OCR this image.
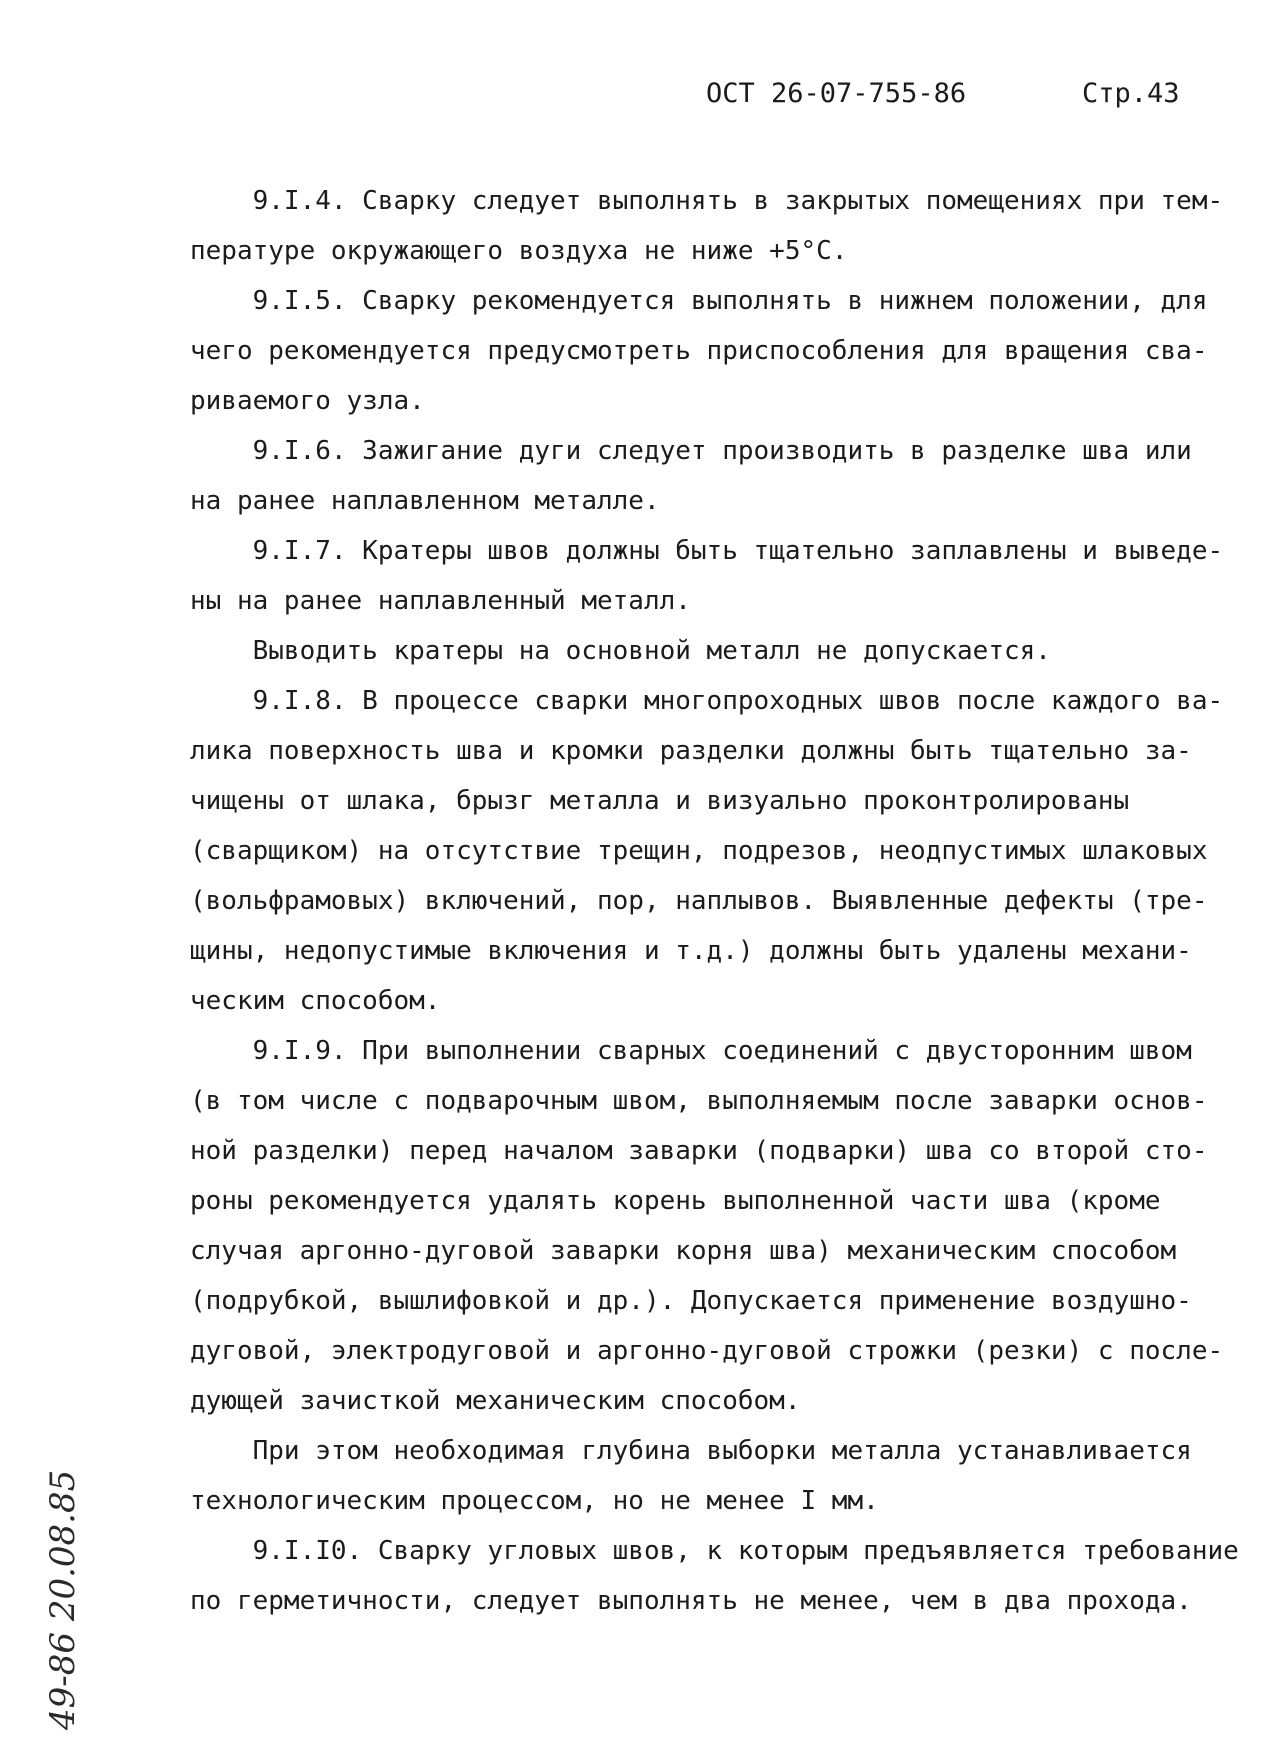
ОСТ 26-07-755-86	Стр.43

9.I.4. Сварку следует выполнять в закрытых помещениях при тем-

пературе окружающего воздуха не ниже +5°С.

9.I.5. Сварку рекомендуется выполнять в нижнем положении, для

чего рекомендуется предусмотреть приспособления для вращения сва-

риваемого узла.

9.I.6. Зажигание дуги следует производить в разделке шва или

на ранее наплавленном металле.

9.I.7. Кратеры швов должны быть тщательно заплавлены и выведе-

ны на ранее наплавленный металл.

Выводить кратеры на основной металл не допускается.

9.I.8. В процессе сварки многопроходных швов после каждого ва-

лика поверхность шва и кромки разделки должны быть тщательно за-

чищены от шлака, брызг металла и визуально проконтролированы

(сварщиком) на отсутствие трещин, подрезов, неодпустимых шлаковых

(вольфрамовых) включений, пор, наплывов. Выявленные дефекты (тре-

щины, недопустимые включения и т.д.) должны быть удалены механи-

ческим способом.

9.I.9. При выполнении сварных соединений с двусторонним швом

(в том числе с подварочным швом, выполняемым после заварки основ-

ной разделки) перед началом заварки (подварки) шва со второй сто-

роны рекомендуется удалять корень выполненной части шва (кроме

случая аргонно-дуговой заварки корня шва) механическим способом

(подрубкой, вышлифовкой и др.). Допускается применение воздушно-

дуговой, электродуговой и аргонно-дуговой строжки (резки) с после-

дующей зачисткой механическим способом.

При этом необходимая глубина выборки металла устанавливается

технологическим процессом, но не менее I мм.

9.I.I0. Сварку угловых швов, к которым предъявляется требование

по герметичности, следует выполнять не менее, чем в два прохода.

49-86 20.08.85
